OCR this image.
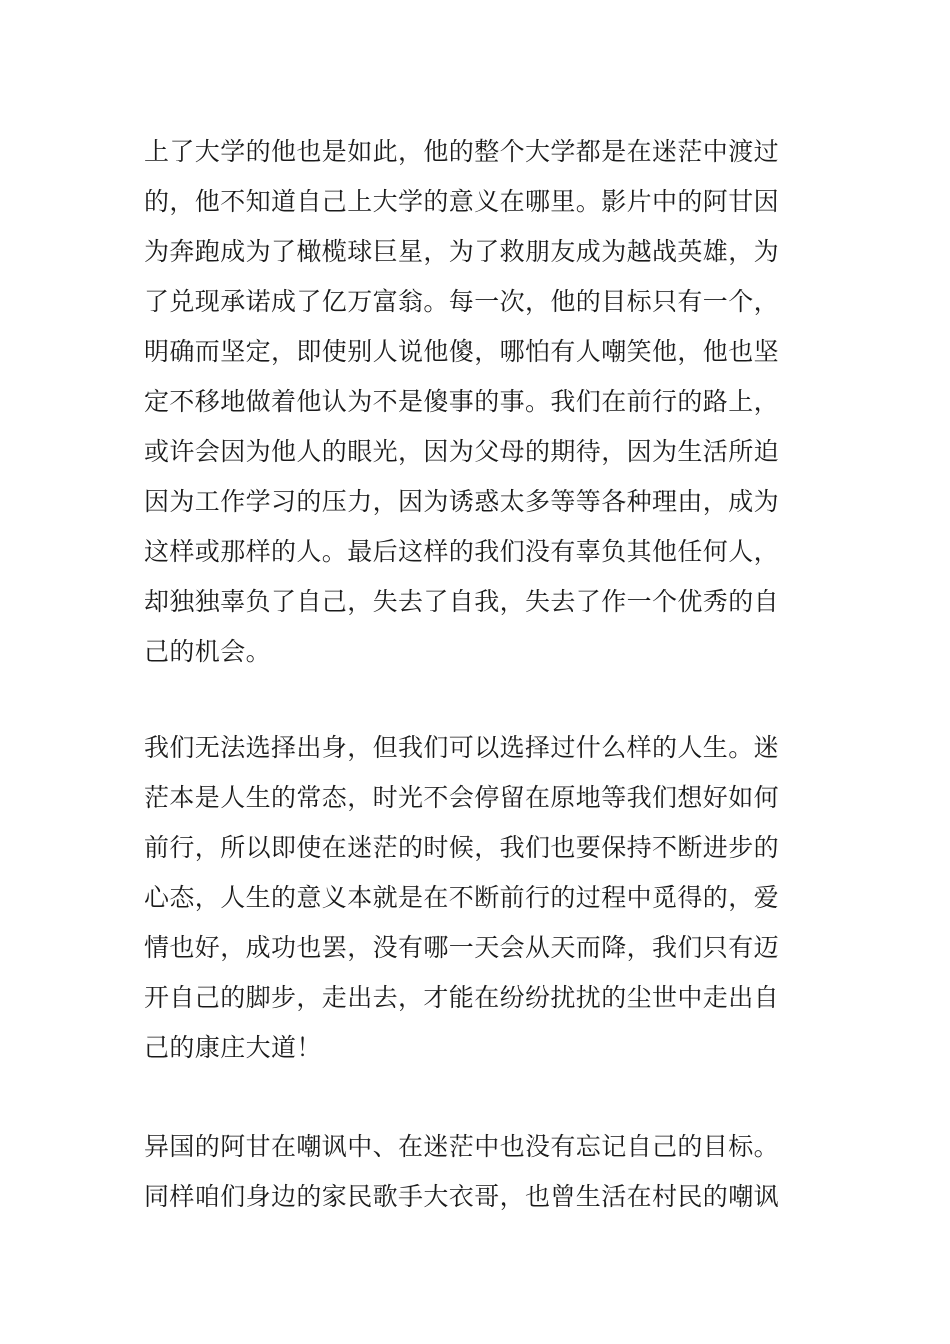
上了大学的他也是如此，他的整个大学都是在迷茫中渡过
的，他不知道自己上大学的意义在哪里。影片中的阿甘因
为奔跑成为了橄榄球巨星，为了救朋友成为越战英雄，为
了兑现承诺成了亿万富翁。每一次，他的目标只有一个，
明确而坚定，即使别人说他傻，哪怕有人嘲笑他，他也坚
定不移地做着他认为不是傻事的事。我们在前行的路上，
或许会因为他人的眼光，因为父母的期待，因为生活所迫
因为工作学习的压力，因为诱惑太多等等各种理由，成为
这样或那样的人。最后这样的我们没有辜负其他任何人，
却独独辜负了自己，失去了自我，失去了作一个优秀的自
己的机会。
我们无法选择出身，但我们可以选择过什么样的人生。迷
茫本是人生的常态，时光不会停留在原地等我们想好如何
前行，所以即使在迷茫的时候，我们也要保持不断进步的
心态，人生的意义本就是在不断前行的过程中觅得的，爱
情也好，成功也罢，没有哪一天会从天而降，我们只有迈
开自己的脚步，走出去，才能在纷纷扰扰的尘世中走出自
己的康庄大道！
异国的阿甘在嘲讽中、在迷茫中也没有忘记自己的目标。
同样咱们身边的家民歌手大衣哥，也曾生活在村民的嘲讽
